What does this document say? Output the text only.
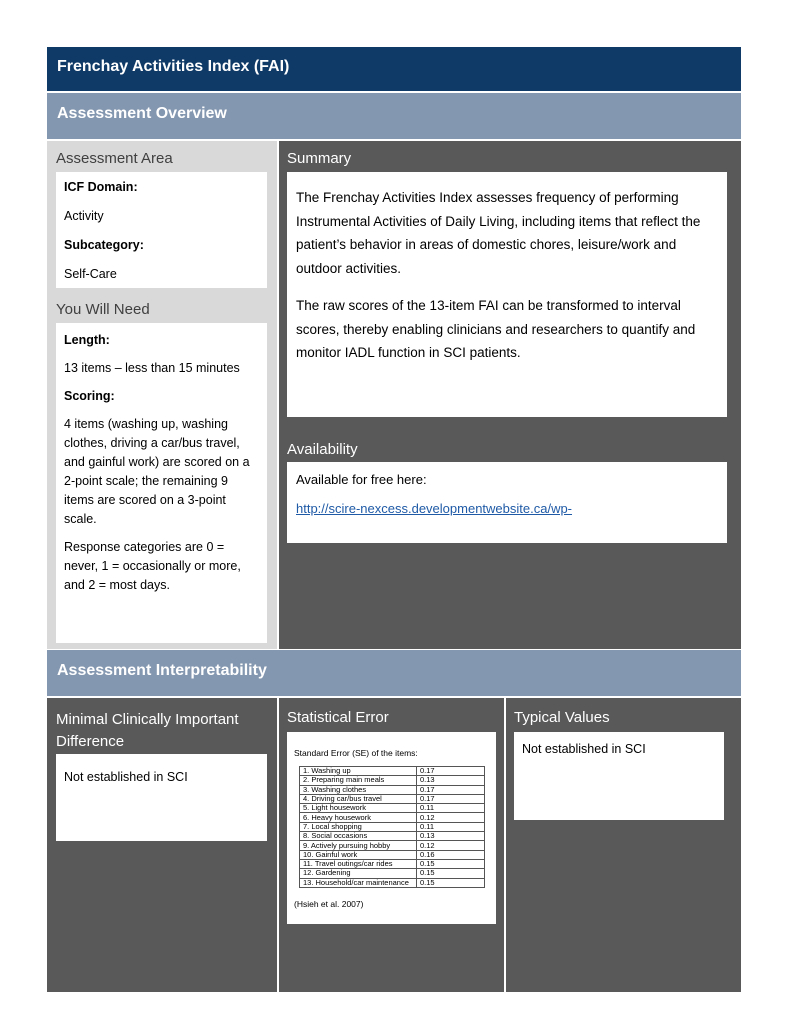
Frenchay Activities Index (FAI)
Assessment Overview
Assessment Area
ICF Domain:
Activity
Subcategory:
Self-Care
You Will Need
Length:
13 items – less than 15 minutes
Scoring:
4 items (washing up, washing clothes, driving a car/bus travel, and gainful work) are scored on a 2-point scale; the remaining 9 items are scored on a 3-point scale.
Response categories are 0 = never, 1 = occasionally or more, and 2 = most days.
Summary
The Frenchay Activities Index assesses frequency of performing Instrumental Activities of Daily Living, including items that reflect the patient’s behavior in areas of domestic chores, leisure/work and outdoor activities.
The raw scores of the 13-item FAI can be transformed to interval scores, thereby enabling clinicians and researchers to quantify and monitor IADL function in SCI patients.
Availability
Available for free here:
http://scire-nexcess.developmentwebsite.ca/wp-
Assessment Interpretability
Minimal Clinically Important
Difference
Not established in SCI
Statistical Error
Standard Error (SE) of the items:
1. Washing up	0.17
2. Preparing main meals	0.13
3. Washing clothes	0.17
4. Driving car/bus travel	0.17
5. Light housework	0.11
6. Heavy housework	0.12
7. Local shopping	0.11
8. Social occasions	0.13
9. Actively pursuing hobby	0.12
10. Gainful work	0.16
11. Travel outings/car rides	0.15
12. Gardening	0.15
13. Household/car maintenance	0.15
(Hsieh et al. 2007)
Typical Values
Not established in SCI
